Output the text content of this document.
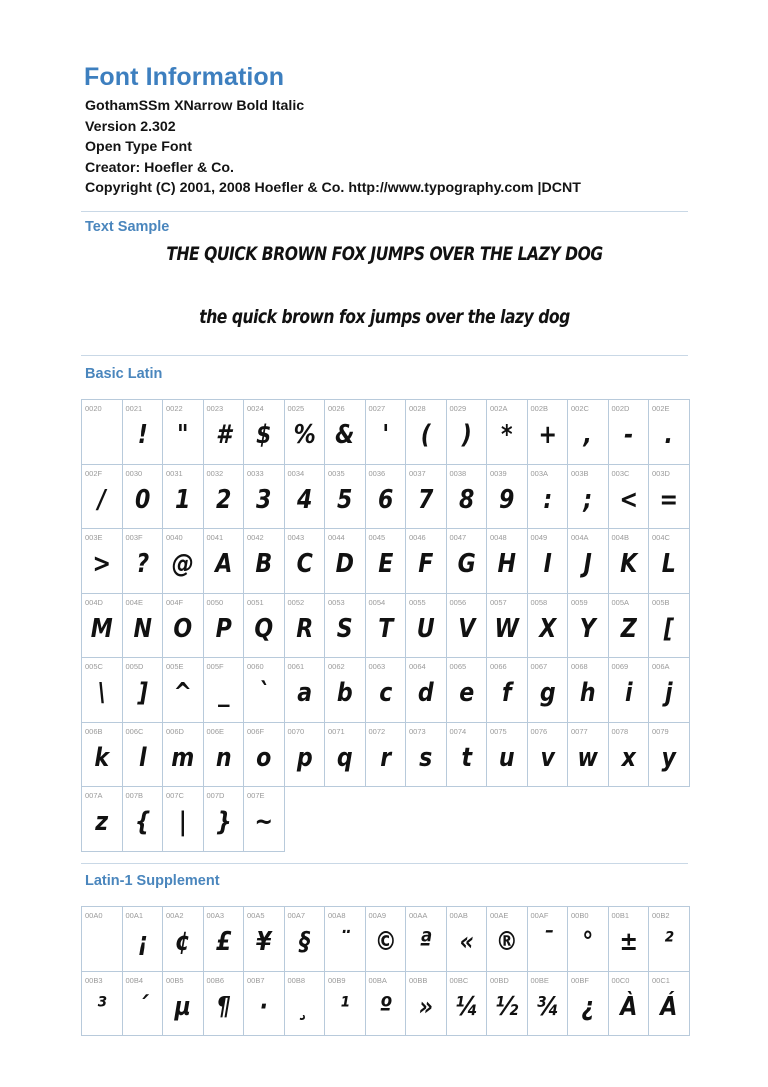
Font Information
GothamSSm XNarrow Bold Italic
Version 2.302
Open Type Font
Creator: Hoefler & Co.
Copyright (C) 2001, 2008 Hoefler & Co. http://www.typography.com |DCNT
Text Sample
THE QUICK BROWN FOX JUMPS OVER THE LAZY DOG
the quick brown fox jumps over the lazy dog
Basic Latin
0020	0021
!
0022
"
0023
#
0024
$
0025
%
0026
&
0027
'
0028
(
0029
)
002A
*
002B
+
002C
,
002D
-
002E
.
002F
/
0030
0
0031
1
0032
2
0033
3
0034
4
0035
5
0036
6
0037
7
0038
8
0039
9
003A
:
003B
;
003C
<
003D
=
003E
>
003F
?
0040
@
0041
A
0042
B
0043
C
0044
D
0045
E
0046
F
0047
G
0048
H
0049
I
004A
J
004B
K
004C
L
004D
M
004E
N
004F
O
0050
P
0051
Q
0052
R
0053
S
0054
T
0055
U
0056
V
0057
W
0058
X
0059
Y
005A
Z
005B
[
005C
\
005D
]
005E
^
005F
_
0060
`
0061
a
0062
b
0063
c
0064
d
0065
e
0066
f
0067
g
0068
h
0069
i
006A
j
006B
k
006C
l
006D
m
006E
n
006F
o
0070
p
0071
q
0072
r
0073
s
0074
t
0075
u
0076
v
0077
w
0078
x
0079
y
007A
z
007B
{
007C
|
007D
}
007E
~
Latin-1 Supplement
00A0	00A1
¡
00A2
¢
00A3
£
00A5
¥
00A7
§
00A8
¨
00A9
©
00AA
ª
00AB
«
00AE
®
00AF
¯
00B0
°
00B1
±
00B2
²
00B3
³
00B4
´
00B5
µ
00B6
¶
00B7
·
00B8
¸
00B9
¹
00BA
º
00BB
»
00BC
¼
00BD
½
00BE
¾
00BF
¿
00C0
À
00C1
Á
